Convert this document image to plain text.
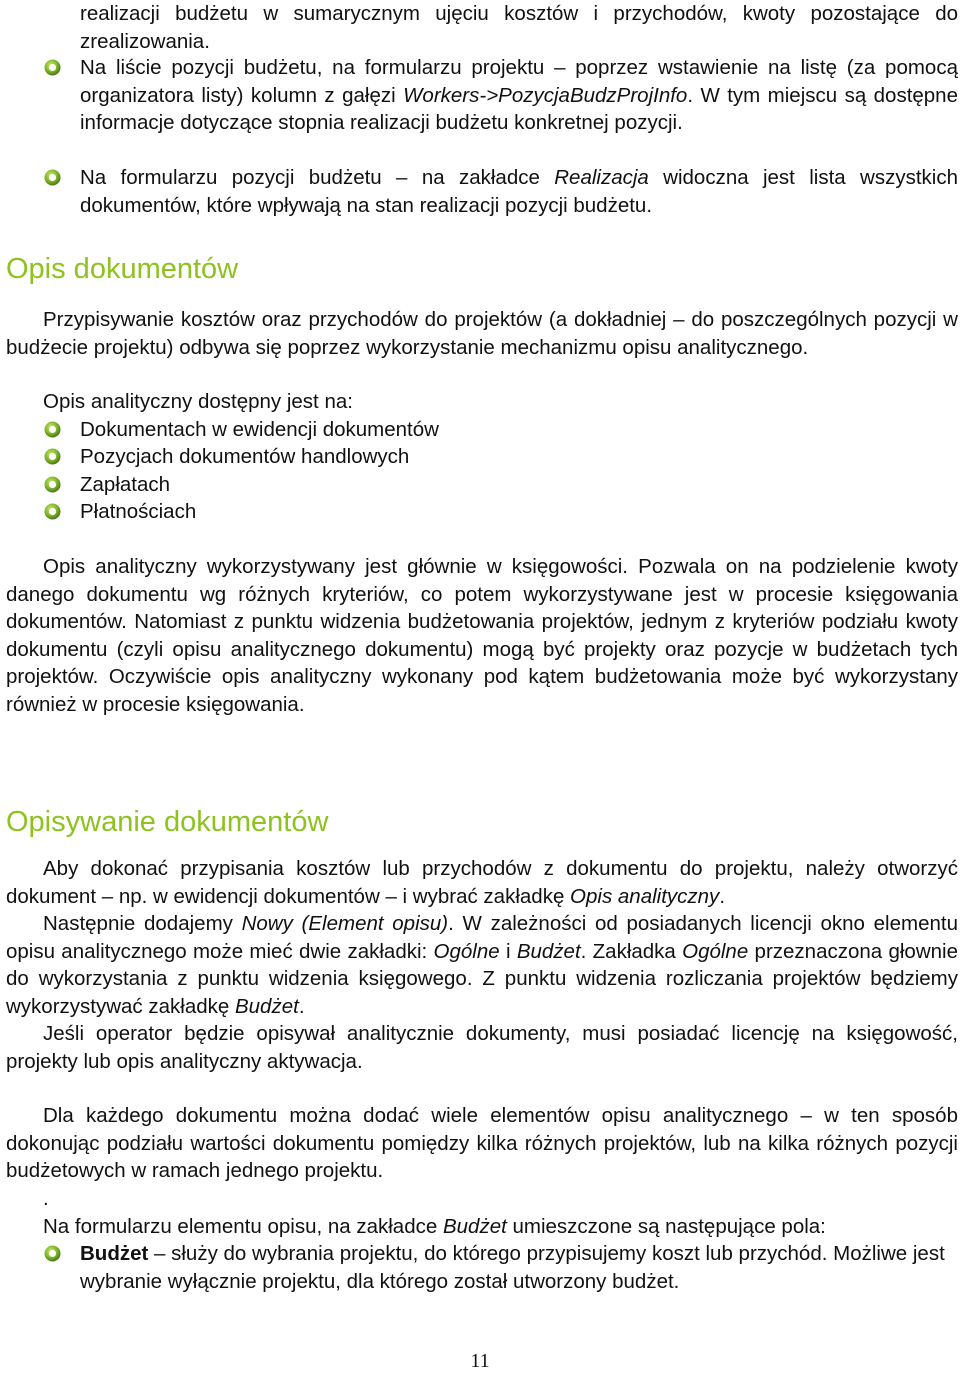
realizacji budżetu w sumarycznym ujęciu kosztów i przychodów, kwoty pozostające do zrealizowania.

Na liście pozycji budżetu, na formularzu projektu – poprzez wstawienie na listę (za pomocą organizatora listy) kolumn z gałęzi Workers->PozycjaBudzProjInfo. W tym miejscu są dostępne informacje dotyczące stopnia realizacji budżetu konkretnej pozycji.
Na formularzu pozycji budżetu – na zakładce Realizacja widoczna jest lista wszystkich dokumentów, które wpływają na stan realizacji pozycji budżetu.
Opis dokumentów

Przypisywanie kosztów oraz przychodów do projektów (a dokładniej – do poszczególnych pozycji w budżecie projektu) odbywa się poprzez wykorzystanie mechanizmu opisu analitycznego.

Opis analityczny dostępny jest na:

Dokumentach w ewidencji dokumentów
Pozycjach dokumentów handlowych
Zapłatach
Płatnościach

Opis analityczny wykorzystywany jest głównie w księgowości. Pozwala on na podzielenie kwoty danego dokumentu wg różnych kryteriów, co potem wykorzystywane jest w procesie księgowania dokumentów. Natomiast z punktu widzenia budżetowania projektów, jednym z kryteriów podziału kwoty dokumentu (czyli opisu analitycznego dokumentu) mogą być projekty oraz pozycje w budżetach tych projektów. Oczywiście opis analityczny wykonany pod kątem budżetowania może być wykorzystany również w procesie księgowania.

Opisywanie dokumentów

Aby dokonać przypisania kosztów lub przychodów z dokumentu do projektu, należy otworzyć dokument – np. w ewidencji dokumentów – i wybrać zakładkę Opis analityczny.

Następnie dodajemy Nowy (Element opisu). W zależności od posiadanych licencji okno elementu opisu analitycznego może mieć dwie zakładki: Ogólne i Budżet. Zakładka Ogólne przeznaczona głownie do wykorzystania z punktu widzenia księgowego. Z punktu widzenia rozliczania projektów będziemy wykorzystywać zakładkę Budżet.

Jeśli operator będzie opisywał analitycznie dokumenty, musi posiadać licencję na księgowość, projekty lub opis analityczny aktywacja.

Dla każdego dokumentu można dodać wiele elementów opisu analitycznego – w ten sposób dokonując podziału wartości dokumentu pomiędzy kilka różnych projektów, lub na kilka różnych pozycji budżetowych w ramach jednego projektu.

.

Na formularzu elementu opisu, na zakładce Budżet umieszczone są następujące pola:

Budżet – służy do wybrania projektu, do którego przypisujemy koszt lub przychód. Możliwe jest wybranie wyłącznie projektu, dla którego został utworzony budżet.
11
